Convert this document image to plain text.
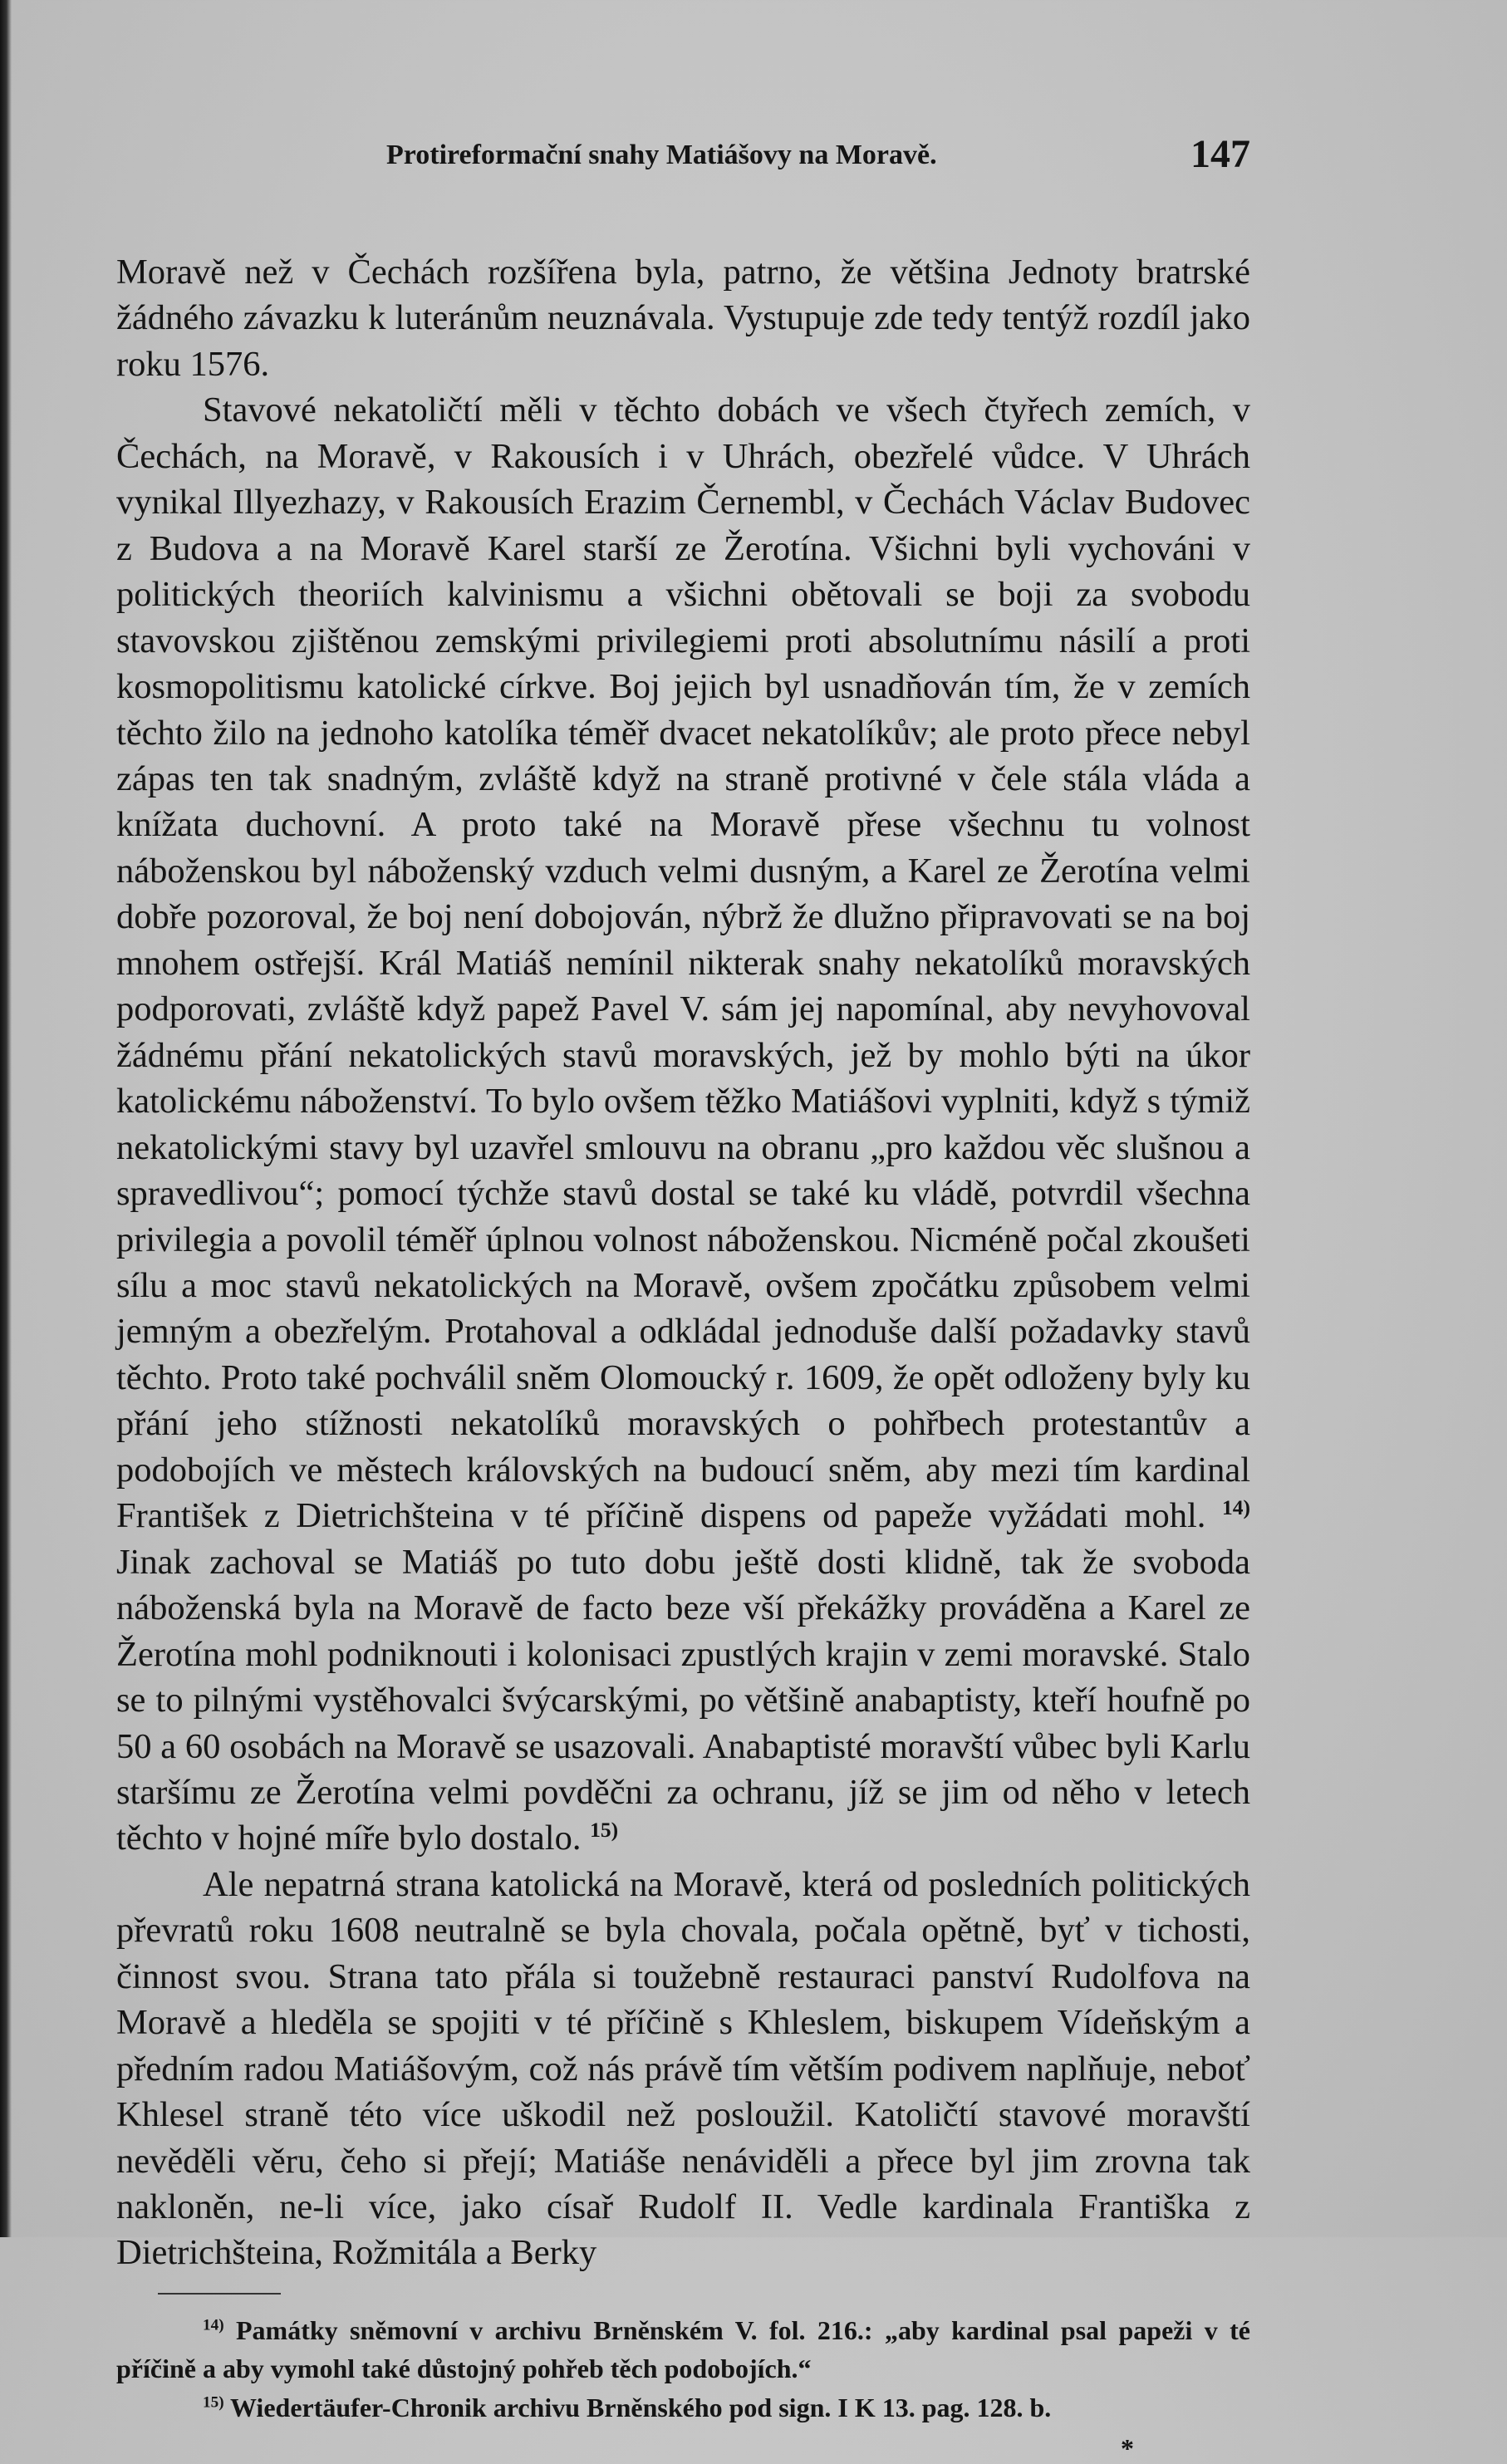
Protireformační snahy Matiášovy na Moravě.	147

Moravě než v Čechách rozšířena byla, patrno, že většina Jednoty bratrské žádného závazku k luteránům neuznávala. Vystupuje zde tedy tentýž rozdíl jako roku 1576.

Stavové nekatoličtí měli v těchto dobách ve všech čtyřech zemích, v Čechách, na Moravě, v Rakousích i v Uhrách, obezřelé vůdce. V Uhrách vynikal Illyezhazy, v Rakousích Erazim Černembl, v Čechách Václav Budovec z Budova a na Moravě Karel starší ze Žerotína. Všichni byli vychováni v politických theoriích kalvinismu a všichni obětovali se boji za svobodu stavovskou zjištěnou zemskými privilegiemi proti absolutnímu násilí a proti kosmopolitismu katolické církve. Boj jejich byl usnadňován tím, že v zemích těchto žilo na jednoho katolíka téměř dvacet nekatolíkův; ale proto přece nebyl zápas ten tak snadným, zvláště když na straně protivné v čele stála vláda a knížata duchovní. A proto také na Moravě přese všechnu tu volnost náboženskou byl náboženský vzduch velmi dusným, a Karel ze Žerotína velmi dobře pozoroval, že boj není dobojován, nýbrž že dlužno připravovati se na boj mnohem ostřejší. Král Matiáš nemínil nikterak snahy nekatolíků moravských podporovati, zvláště když papež Pavel V. sám jej napomínal, aby nevyhovoval žádnému přání nekatolických stavů moravských, jež by mohlo býti na úkor katolickému náboženství. To bylo ovšem těžko Matiášovi vyplniti, když s týmiž nekatolickými stavy byl uzavřel smlouvu na obranu „pro každou věc slušnou a spravedlivou“; pomocí týchže stavů dostal se také ku vládě, potvrdil všechna privilegia a povolil téměř úplnou volnost náboženskou. Nicméně počal zkoušeti sílu a moc stavů nekatolických na Moravě, ovšem zpočátku způsobem velmi jemným a obezřelým. Protahoval a odkládal jednoduše další požadavky stavů těchto. Proto také pochválil sněm Olomoucký r. 1609, že opět odloženy byly ku přání jeho stížnosti nekatolíků moravských o pohřbech protestantův a podobojích ve městech královských na budoucí sněm, aby mezi tím kardinal František z Dietrichšteina v té příčině dispens od papeže vyžádati mohl. $^{14)}$ Jinak zachoval se Matiáš po tuto dobu ještě dosti klidně, tak že svoboda náboženská byla na Moravě de facto beze vší překážky prováděna a Karel ze Žerotína mohl podniknouti i kolonisaci zpustlých krajin v zemi moravské. Stalo se to pilnými vystěhovalci švýcarskými, po většině anabaptisty, kteří houfně po 50 a 60 osobách na Moravě se usazovali. Anabaptisté moravští vůbec byli Karlu staršímu ze Žerotína velmi povděčni za ochranu, jíž se jim od něho v letech těchto v hojné míře bylo dostalo. $^{15)}$

Ale nepatrná strana katolická na Moravě, která od posledních politických převratů roku 1608 neutralně se byla chovala, počala opětně, byť v tichosti, činnost svou. Strana tato přála si toužebně restauraci panství Rudolfova na Moravě a hleděla se spojiti v té příčině s Khleslem, biskupem Vídeňským a předním radou Matiášovým, což nás právě tím větším podivem naplňuje, neboť Khlesel straně této více uškodil než posloužil. Katoličtí stavové moravští nevěděli věru, čeho si přejí; Matiáše nenáviděli a přece byl jim zrovna tak nakloněn, ne-li více, jako císař Rudolf II. Vedle kardinala Františka z Dietrichšteina, Rožmitála a Berky

$^{14)}$ Památky sněmovní v archivu Brněnském V. fol. 216.: „aby kardinal psal papeži v té příčině a aby vymohl také důstojný pohřeb těch podobojích.“

$^{15)}$ Wiedertäufer-Chronik archivu Brněnského pod sign. I K 13. pag. 128. b.

*
